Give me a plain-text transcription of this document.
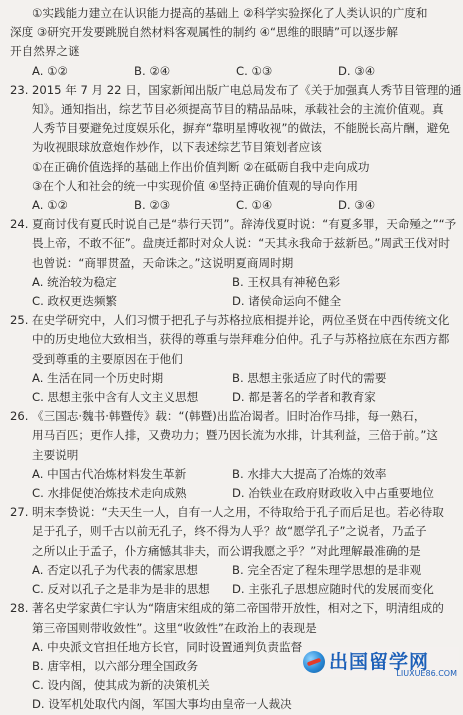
①实践能力建立在认识能力提高的基础上 ②科学实验探化了人类认识的广度和
深度 ③研究开发要跳脱自然材料客观属性的制约 ④“思维的眼睛”可以逐步解
开自然界之谜
A. ①②	B. ②④	C. ①③	D. ③④
23. 2015 年 7 月 22 日，国家新闻出版广电总局发布了《关于加强真人秀节目管理的通
知》。通知指出，综艺节目必须提高节目的精品品味，承载社会的主流价值观。真
人秀节目要避免过度娱乐化，摒弃“靠明星博收视”的做法，不能脱长高片酬，避免
为收视眼球放意炮作炒作，以下表述综艺节目策划者应该
①在正确价值选择的基础上作出价值判断 ②在砥砺自我中走向成功
③在个人和社会的统一中实现价值 ④坚持正确价值观的导向作用
A. ①②	B. ②③	C. ①④	D. ③④
24. 夏商讨伐有夏氏时说自己是“恭行天罚”。辞涛伐夏时说：“有夏多罪，天命殛之”“予
畏上帝，不敢不征”。盘庚迁都时对众人说：“天其永我命于兹新邑。”周武王伐对时
也曾说：“商罪贯盈，天命诛之。”这说明夏商周时期
A. 统治较为稳定	B. 王权具有神秘色彩
C. 政权更迭频繁	D. 诸侯命运向不健全
25. 在史学研究中，人们习惯于把孔子与苏格拉底相提并论，两位圣贤在中西传统文化
中的历史地位大致相当，获得的尊重与崇拜难分伯仲。孔子与苏格拉底在东西方都
受到尊重的主要原因在于他们
A. 生活在同一个历史时期	B. 思想主张适应了时代的需要
C. 思想主张中含有人文主义思想	D. 都是著名的学者和教育家
26. 《三国志·魏书·韩暨传》载：“(韩暨)出监冶谒者。旧时冶作马排，每一熟石，
用马百匹；更作人排，又费功力；暨乃因长流为水排，计其利益，三倍于前。”这
主要说明
A. 中国古代冶炼材料发生革新	B. 水排大大提高了冶炼的效率
C. 水排促使冶炼技术走向成熟	D. 冶铁业在政府财政收入中占重要地位
27. 明末李贽说：“夫天生一人，自有一人之用，不待取给于孔子而后足也。若必待取
足于孔子，则千古以前无孔子，终不得为人乎？故“愿学孔子”之说者，乃孟子
之所以止于孟子，仆方痛憾其非夫，而公谓我愿之乎？”对此理解最准确的是
A. 否定以孔子为代表的儒家思想	B. 完全否定了程朱理学思想的是非观
C. 反对以孔子之是非为是非的思想	D. 主张孔子思想应随时代的发展而变化
28. 著名史学家黄仁宇认为“隋唐宋组成的第二帝国带开放性，相对之下，明清组成的
第三帝国则带收敛性”。这里“收敛性”在政治上的表现是
A. 中央派文官担任地方长官，同时设置通判负责监督
B. 唐宰相，以六部分理全国政务
C. 设内阁，使其成为新的决策机关
D. 设军机处取代内阁，军国大事均由皇帝一人裁决
出国留学网
LIUXUE86.COM
